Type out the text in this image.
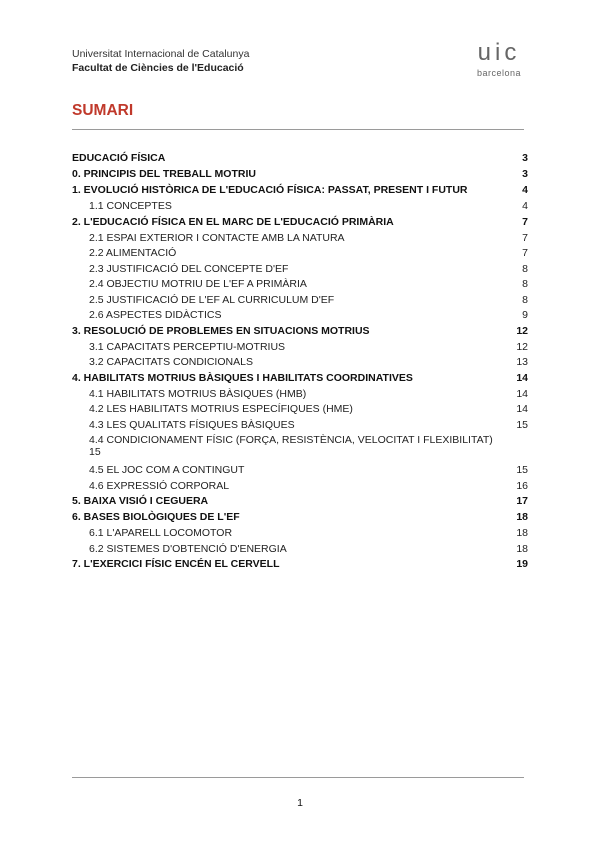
Universitat Internacional de Catalunya
Facultat de Ciències de l'Educació
uic
barcelona
SUMARI
EDUCACIÓ FÍSICA	3
0. PRINCIPIS DEL TREBALL MOTRIU	3
1. EVOLUCIÓ HISTÒRICA DE L'EDUCACIÓ FÍSICA: PASSAT, PRESENT I FUTUR	4
1.1 CONCEPTES	4
2. L'EDUCACIÓ FÍSICA EN EL MARC DE L'EDUCACIÓ PRIMÀRIA	7
2.1 ESPAI EXTERIOR I CONTACTE AMB LA NATURA	7
2.2 ALIMENTACIÓ	7
2.3 JUSTIFICACIÓ DEL CONCEPTE D'EF	8
2.4 OBJECTIU MOTRIU DE L'EF A PRIMÀRIA	8
2.5 JUSTIFICACIÓ DE L'EF AL CURRICULUM D'EF	8
2.6 ASPECTES DIDÀCTICS	9
3. RESOLUCIÓ DE PROBLEMES EN SITUACIONS MOTRIUS	12
3.1 CAPACITATS PERCEPTIU-MOTRIUS	12
3.2 CAPACITATS CONDICIONALS	13
4. HABILITATS MOTRIUS BÀSIQUES I HABILITATS COORDINATIVES	14
4.1 HABILITATS MOTRIUS BÀSIQUES (HMB)	14
4.2 LES HABILITATS MOTRIUS ESPECÍFIQUES (HME)	14
4.3 LES QUALITATS FÍSIQUES BÀSIQUES	15
4.4 CONDICIONAMENT FÍSIC (FORÇA, RESISTÈNCIA, VELOCITAT I FLEXIBILITAT) 15
4.5 EL JOC COM A CONTINGUT	15
4.6 EXPRESSIÓ CORPORAL	16
5. BAIXA VISIÓ I CEGUERA	17
6. BASES BIOLÒGIQUES DE L'EF	18
6.1 L'APARELL LOCOMOTOR	18
6.2 SISTEMES D'OBTENCIÓ D'ENERGIA	18
7. L'EXERCICI FÍSIC ENCÉN EL CERVELL	19
1
